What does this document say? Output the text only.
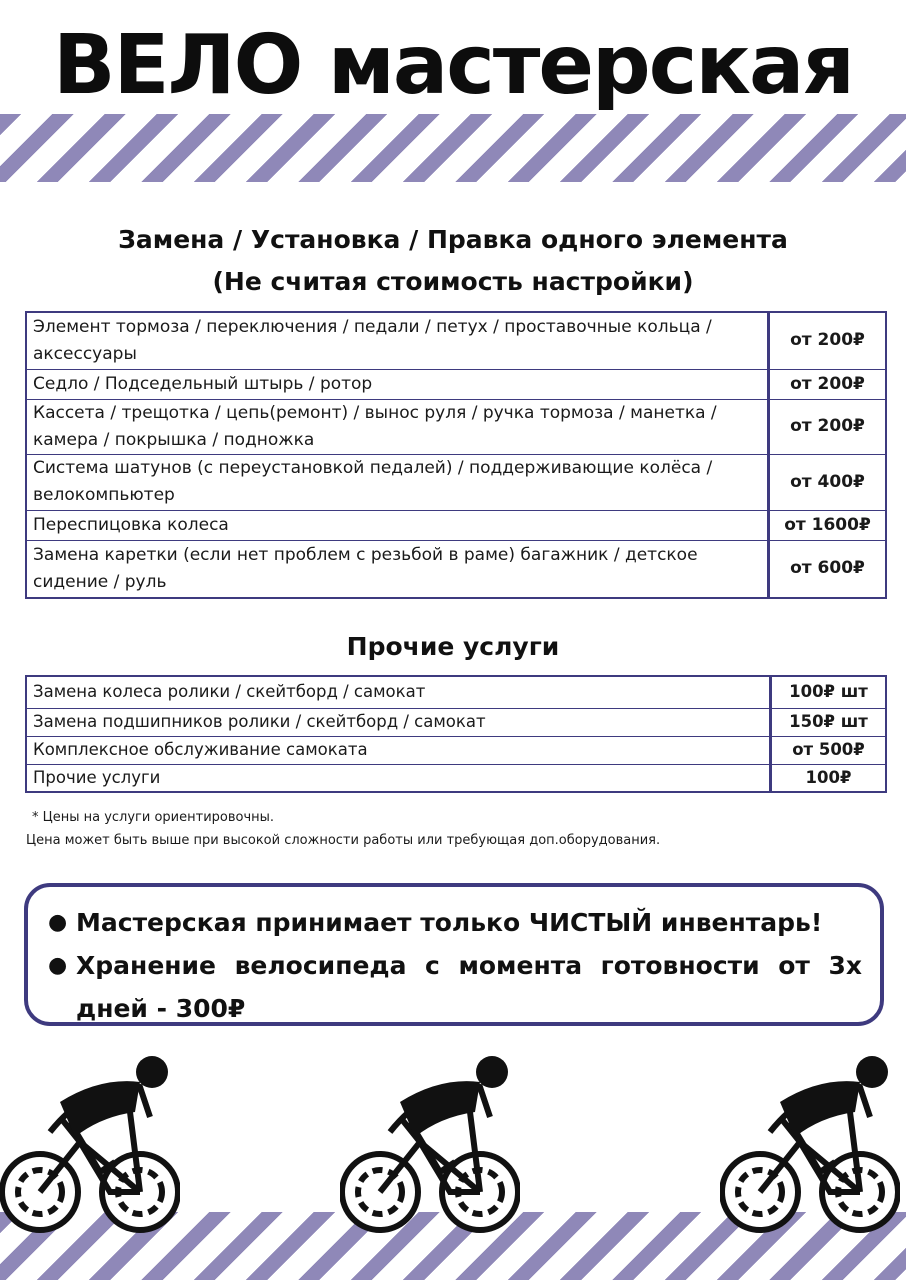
ВЕЛО мастерская
Замена / Установка / Правка одного элемента
(Не считая стоимость настройки)
Элемент тормоза / переключения / педали / петух / проставочные кольца / аксессуары	от 200₽
Седло / Подседельный штырь / ротор	от 200₽
Кассета / трещотка / цепь(ремонт) / вынос руля / ручка тормоза / манетка / камера / покрышка / подножка	от 200₽
Система шатунов (с переустановкой педалей) / поддерживающие колёса / велокомпьютер	от 400₽
Переспицовка колеса	от 1600₽
Замена каретки (если нет проблем с резьбой в раме) багажник / детское сидение / руль	от 600₽
Прочие услуги
Замена колеса ролики / скейтборд / самокат	100₽ шт
Замена подшипников ролики / скейтборд / самокат	150₽ шт
Комплексное обслуживание самоката	от 500₽
Прочие услуги	100₽
* Цены на услуги ориентировочны.
Цена может быть выше при высокой сложности работы или требующая доп.оборудования.
● Мастерская принимает только ЧИСТЫЙ инвентарь!
● Хранение велосипеда с момента готовности от 3х дней - 300₽
